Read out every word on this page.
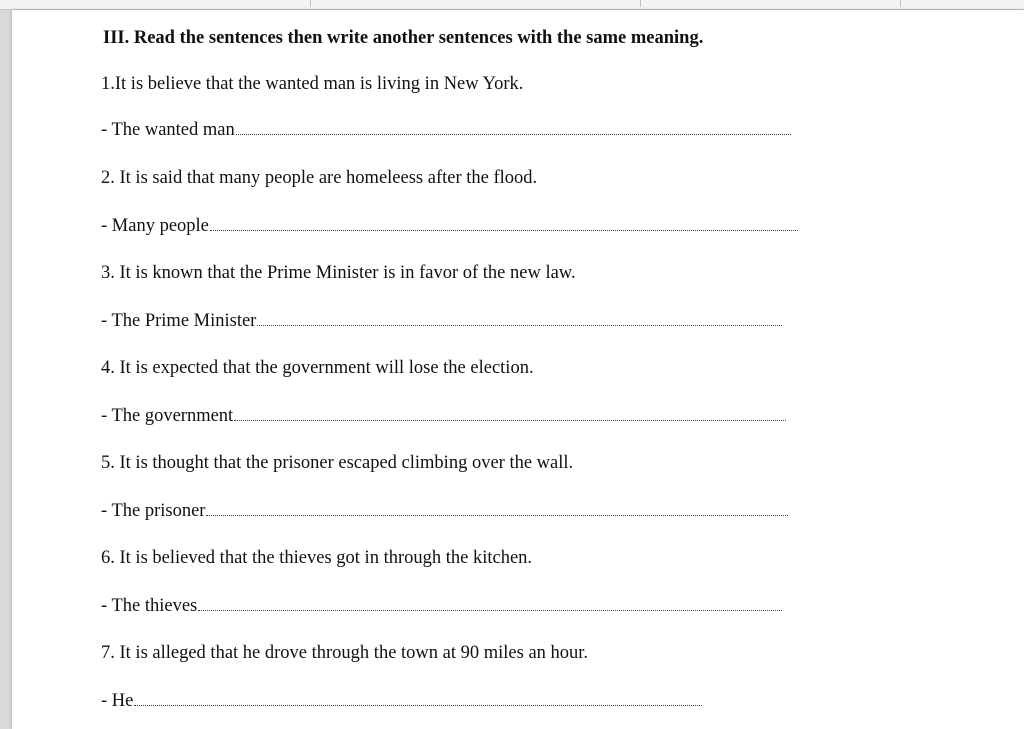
III. Read the sentences then write another sentences with the same meaning.
1.It is believe that the wanted man is living in New York.
- The wanted man
2. It is said that many people are homeleess after the flood.
- Many people
3. It is known that the Prime Minister is in favor of the new law.
- The Prime Minister
4. It is expected that the government will lose the election.
- The government
5. It is thought that the prisoner escaped climbing over the wall.
- The prisoner
6. It is believed that the thieves got in through the kitchen.
- The thieves
7. It is alleged that he drove through the town at 90 miles an hour.
- He
